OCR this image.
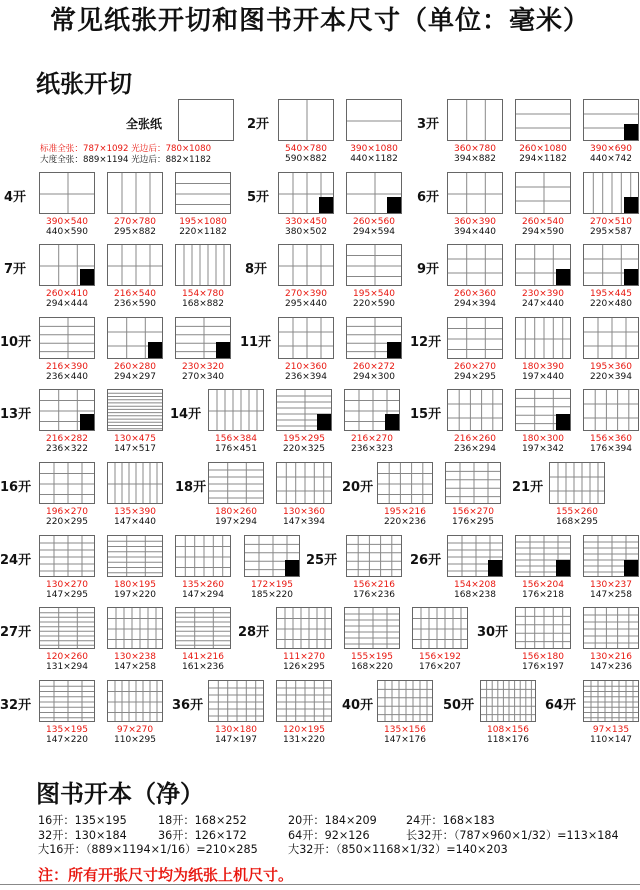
常见纸张开切和图书开本尺寸（单位：毫米）
纸张开切
全张纸
标准全张：787×1092 光边后：780×1080
大度全张：889×1194 光边后：882×1182
4开
390×540
440×590
270×780
295×882
195×1080
220×1182
7开
260×410
294×444
216×540
236×590
154×780
168×882
10开
216×390
236×440
260×280
294×297
230×320
270×340
13开
216×282
236×322
130×475
147×517
16开
196×270
220×295
135×390
147×440
24开
130×270
147×295
180×195
197×220
135×260
147×294
172×195
185×220
27开
120×260
131×294
130×238
147×258
141×216
161×236
32开
135×195
147×220
97×270
110×295
2开
540×780
590×882
390×1080
440×1182
3开
360×780
394×882
260×1080
294×1182
390×690
440×742
5开
330×450
380×502
260×560
294×594
6开
360×390
394×440
260×540
294×590
270×510
295×587
8开
270×390
295×440
195×540
220×590
9开
260×360
294×394
230×390
247×440
195×445
220×480
11开
210×360
236×394
260×272
294×300
12开
260×270
294×295
180×390
197×440
195×360
220×394
14开
156×384
176×451
195×295
220×325
216×270
236×323
15开
216×260
236×294
180×300
197×342
156×360
176×394
18开
180×260
197×294
130×360
147×394
20开
195×216
220×236
156×270
176×295
21开
155×260
168×295
25开
156×216
176×236
26开
154×208
168×238
156×204
176×218
130×237
147×258
28开
111×270
126×295
155×195
168×220
156×192
176×207
30开
156×180
176×197
130×216
147×236
36开
130×180
147×197
120×195
131×220
40开
135×156
147×176
50开
108×156
118×176
64开
97×135
110×147
图书开本（净）
16开：135×195	18开：168×252	20开：184×209	24开：168×183
32开：130×184	36开：126×172	64开：92×126	长32开：（787×960×1/32）=113×184
大16开：（889×1194×1/16）=210×285	大32开：（850×1168×1/32）=140×203
注：所有开张尺寸均为纸张上机尺寸。
